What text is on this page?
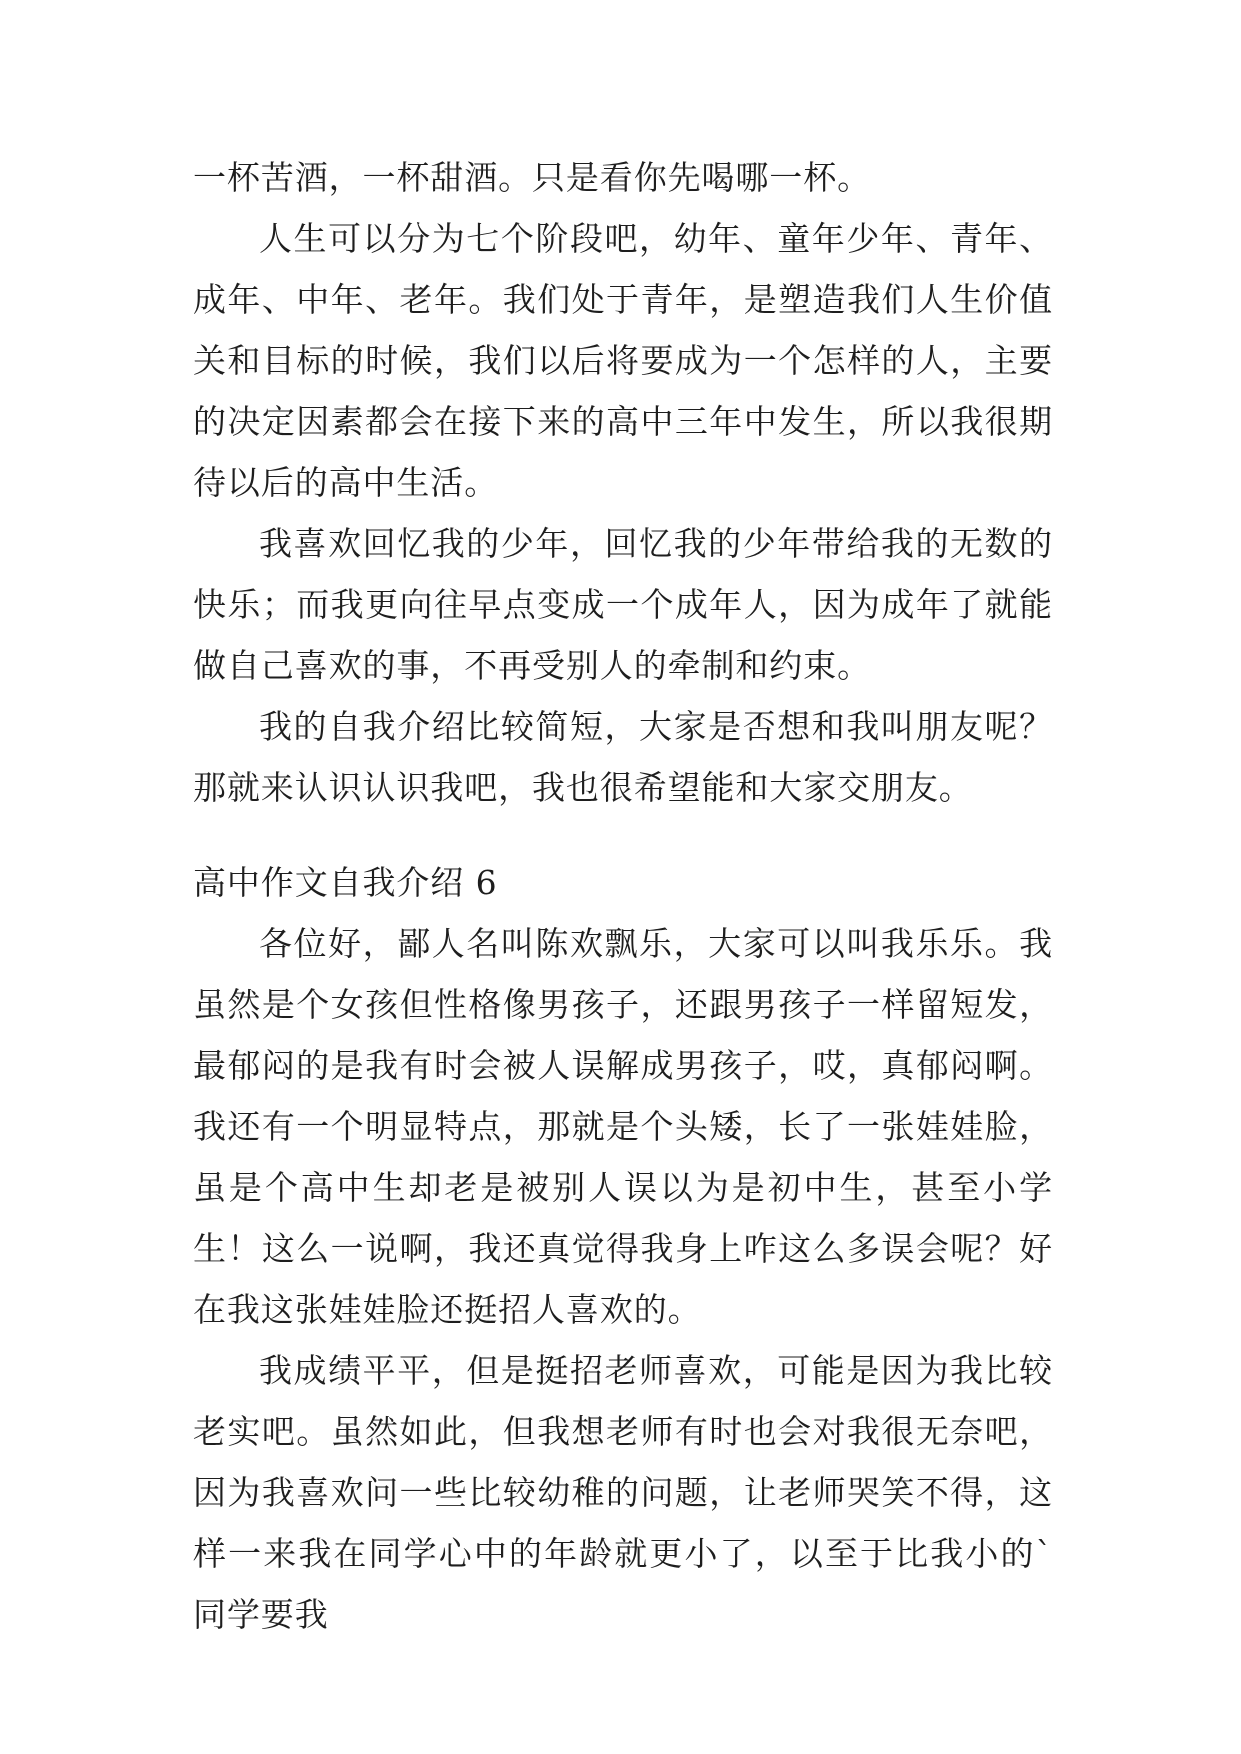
一杯苦酒，一杯甜酒。只是看你先喝哪一杯。

人生可以分为七个阶段吧，幼年、童年少年、青年、成年、中年、老年。我们处于青年，是塑造我们人生价值关和目标的时候，我们以后将要成为一个怎样的人，主要的决定因素都会在接下来的高中三年中发生，所以我很期待以后的高中生活。

我喜欢回忆我的少年，回忆我的少年带给我的无数的快乐；而我更向往早点变成一个成年人，因为成年了就能做自己喜欢的事，不再受别人的牵制和约束。

我的自我介绍比较简短，大家是否想和我叫朋友呢？那就来认识认识我吧，我也很希望能和大家交朋友。

高中作文自我介绍 6

各位好，鄙人名叫陈欢飘乐，大家可以叫我乐乐。我虽然是个女孩但性格像男孩子，还跟男孩子一样留短发，最郁闷的是我有时会被人误解成男孩子，哎，真郁闷啊。我还有一个明显特点，那就是个头矮，长了一张娃娃脸，虽是个高中生却老是被别人误以为是初中生，甚至小学生！这么一说啊，我还真觉得我身上咋这么多误会呢？好在我这张娃娃脸还挺招人喜欢的。

我成绩平平，但是挺招老师喜欢，可能是因为我比较老实吧。虽然如此，但我想老师有时也会对我很无奈吧，因为我喜欢问一些比较幼稚的问题，让老师哭笑不得，这样一来我在同学心中的年龄就更小了，以至于比我小的`同学要我
